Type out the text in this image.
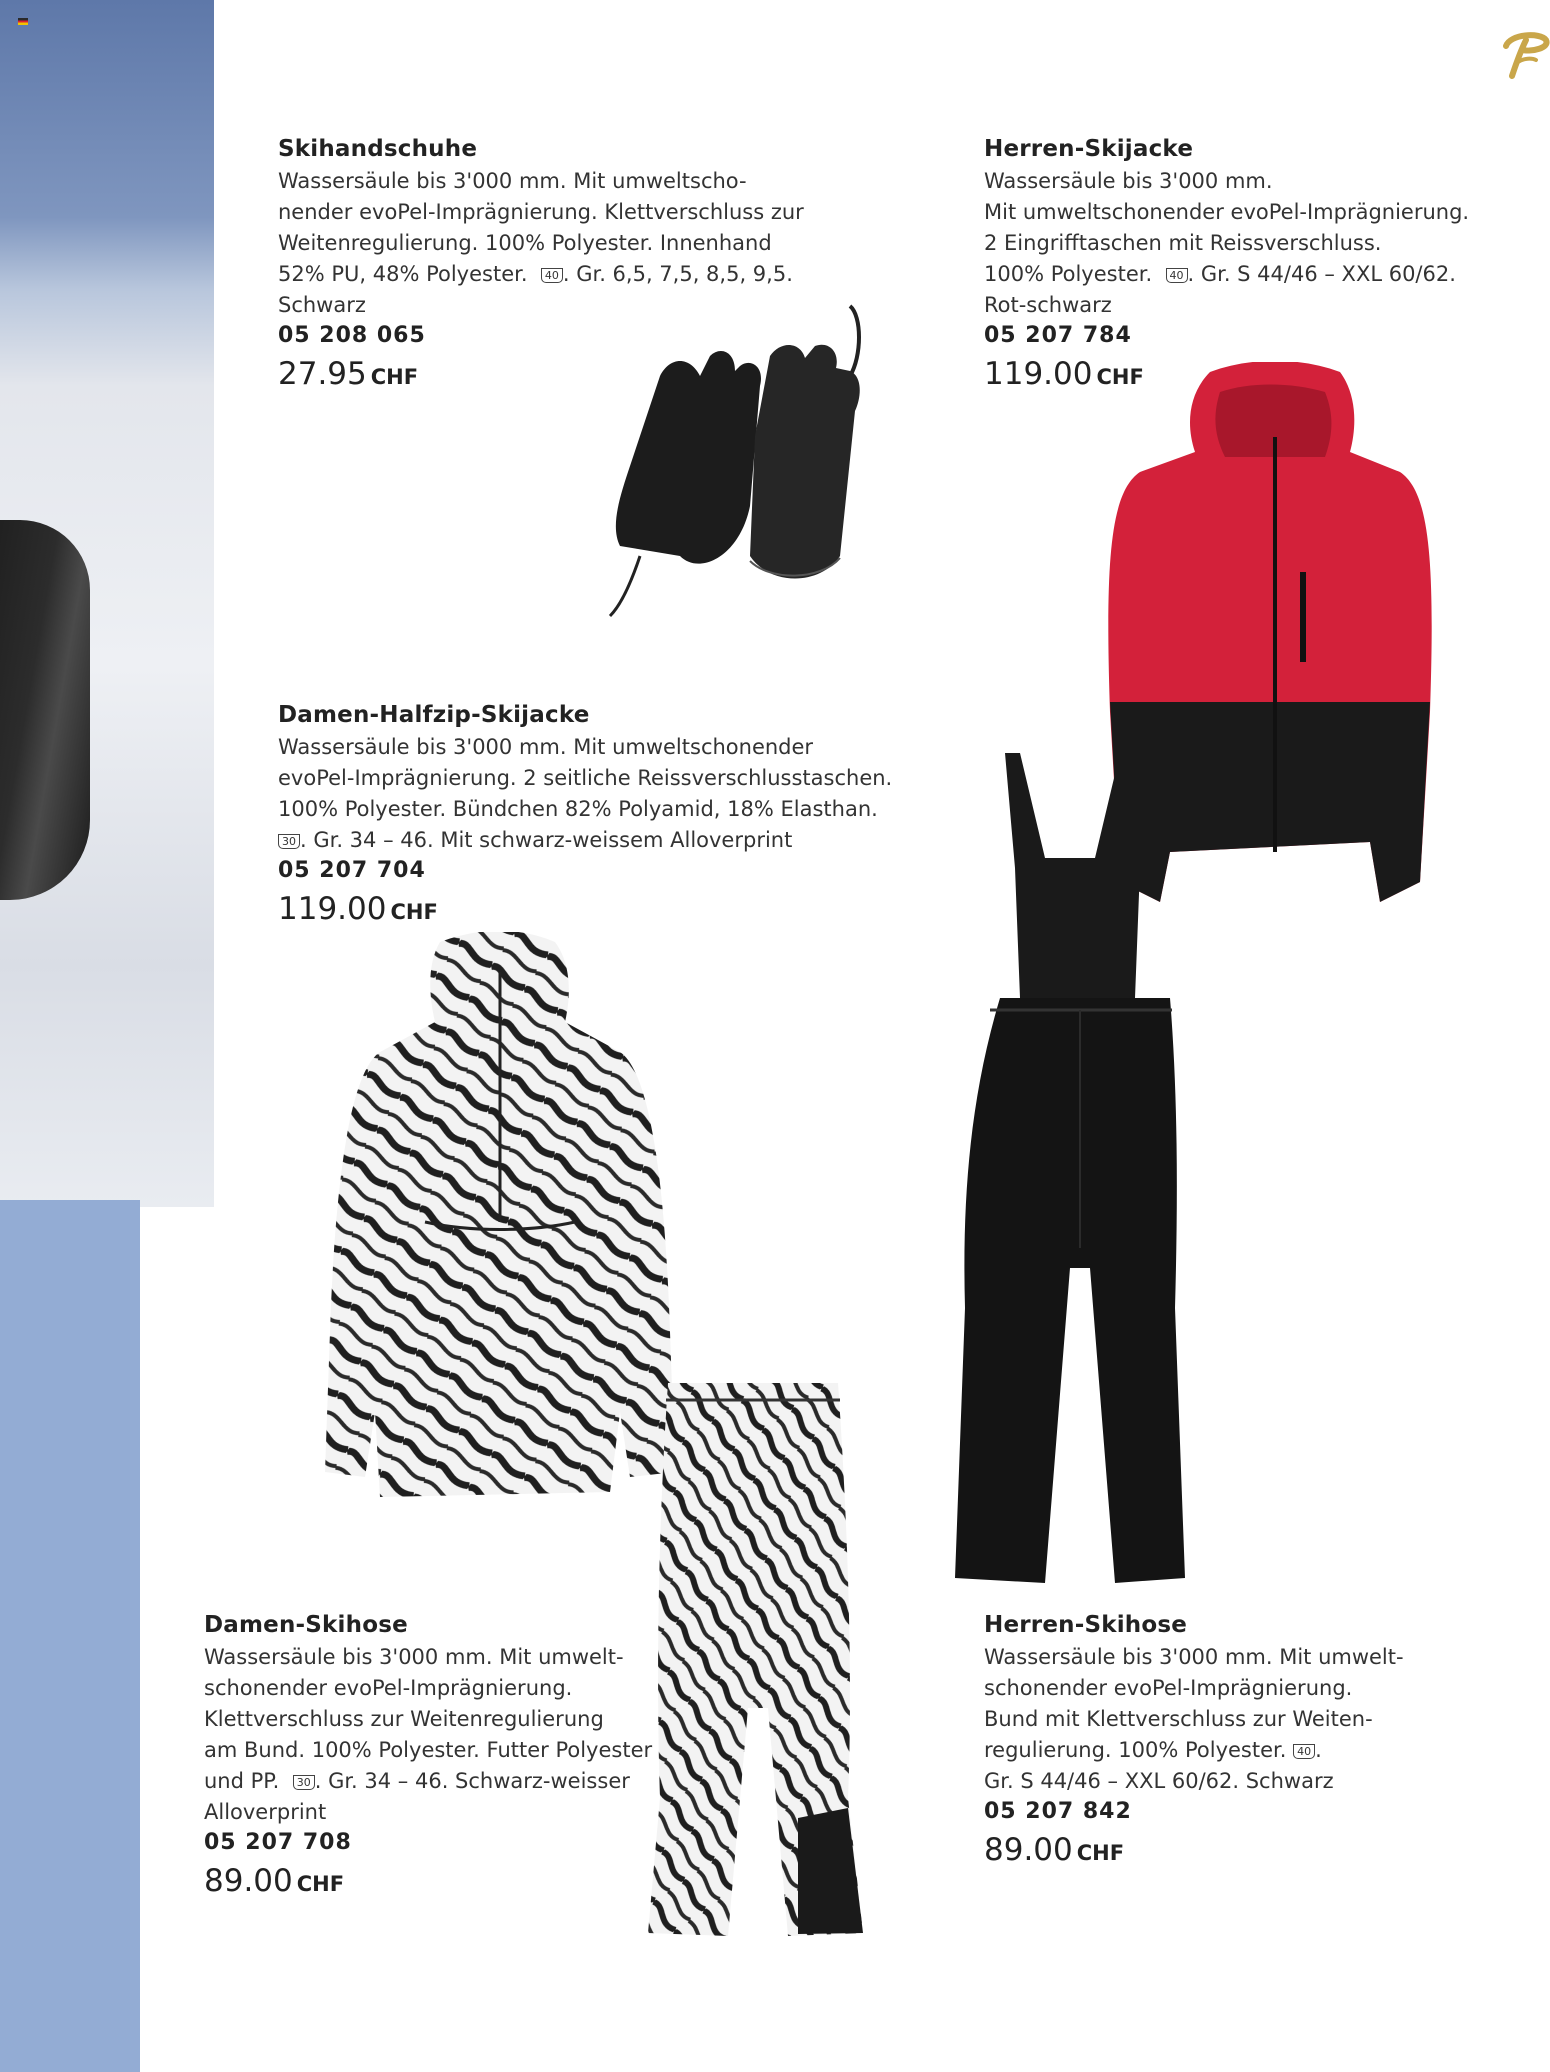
Skihandschuhe

Wassersäule bis 3'000 mm. Mit umweltscho-
nender evoPel-Imprägnierung. Klettverschluss zur
Weitenregulierung. 100% Polyester. Innenhand
52% PU, 48% Polyester. 40 . Gr. 6,5, 7,5, 8,5, 9,5.
Schwarz

05 208 065
27.95 CHF
Herren-Skijacke

Wassersäule bis 3'000 mm.
Mit umweltschonender evoPel-Imprägnierung.
2 Eingrifftaschen mit Reissverschluss.
100% Polyester. 40 . Gr. S 44/46 – XXL 60/62.
Rot-schwarz

05 207 784
119.00 CHF
Damen-Halfzip-Skijacke

Wassersäule bis 3'000 mm. Mit umweltschonender
evoPel-Imprägnierung. 2 seitliche Reissverschlusstaschen.
100% Polyester. Bündchen 82% Polyamid, 18% Elasthan.
30 . Gr. 34 – 46. Mit schwarz-weissem Alloverprint

05 207 704
119.00 CHF
Damen-Skihose

Wassersäule bis 3'000 mm. Mit umwelt-
schonender evoPel-Imprägnierung.
Klettverschluss zur Weitenregulierung
am Bund. 100% Polyester. Futter Polyester
und PP. 30 . Gr. 34 – 46. Schwarz-weisser
Alloverprint

05 207 708
89.00 CHF
Herren-Skihose

Wassersäule bis 3'000 mm. Mit umwelt-
schonender evoPel-Imprägnierung.
Bund mit Klettverschluss zur Weiten-
regulierung. 100% Polyester. 40 .
Gr. S 44/46 – XXL 60/62. Schwarz

05 207 842
89.00 CHF
